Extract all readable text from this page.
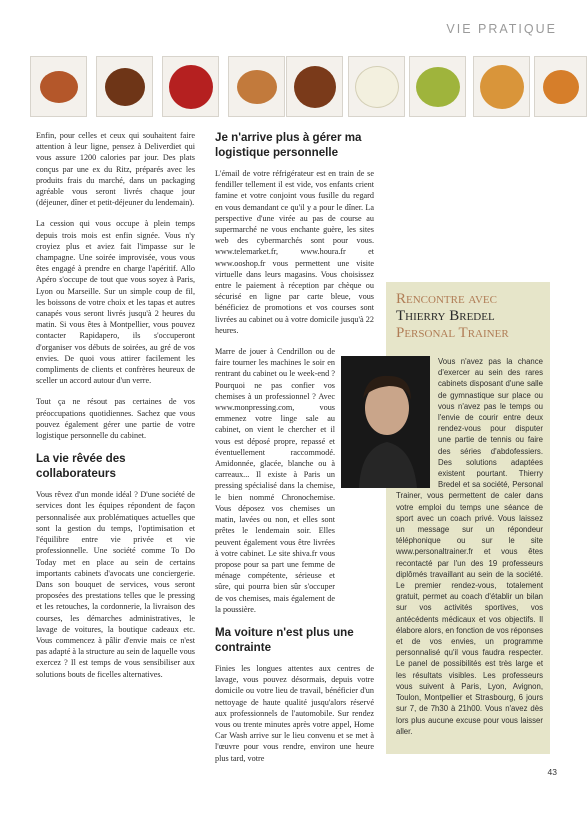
VIE PRATIQUE

Enfin, pour celles et ceux qui souhaitent faire attention à leur ligne, pensez à Deliverdiet qui vous assure 1200 calories par jour. Des plats conçus par une ex du Ritz, préparés avec les produits frais du marché, dans un packaging agréable vous seront livrés chaque jour (déjeuner, dîner et petit-déjeuner du lendemain).

La cession qui vous occupe à plein temps depuis trois mois est enfin signée. Vous n'y croyiez plus et aviez fait l'impasse sur le champagne. Une soirée improvisée, vous vous êtes engagé à prendre en charge l'apéritif. Allo Apéro s'occupe de tout que vous soyez à Paris, Lyon ou Marseille. Sur un simple coup de fil, les boissons de votre choix et les tapas et autres canapés vous seront livrés jusqu'à 2 heures du matin. Si vous êtes à Montpellier, vous pouvez contacter Rapidapero, ils s'occuperont d'organiser vos débuts de soirées, au gré de vos envies. De quoi vous attirer facilement les compliments de clients et confrères heureux de sceller un accord autour d'un verre.

Tout ça ne résout pas certaines de vos préoccupations quotidiennes. Sachez que vous pouvez également gérer une partie de votre logistique personnelle du cabinet.

La vie rêvée des collaborateurs

Vous rêvez d'un monde idéal ? D'une société de services dont les équipes répondent de façon personnalisée aux problématiques actuelles que sont la gestion du temps, l'optimisation et l'équilibre entre vie privée et vie professionnelle. Une société comme To Do Today met en place au sein de certains importants cabinets d'avocats une conciergerie. Dans son bouquet de services, vous seront proposées des prestations telles que le pressing et les retouches, la cordonnerie, la livraison des courses, les démarches administratives, le lavage de voitures, la boutique cadeaux etc. Vous commencez à pâlir d'envie mais ce n'est pas adapté à la structure au sein de laquelle vous exercez ? Il est temps de vous sensibiliser aux solutions bouts de ficelles alternatives.

Je n'arrive plus à gérer ma logistique personnelle

L'émail de votre réfrigérateur est en train de se fendiller tellement il est vide, vos enfants crient famine et votre conjoint vous fusille du regard en vous demandant ce qu'il y a pour le dîner. La perspective d'une virée au pas de course au supermarché ne vous enchante guère, les sites web des cybermarchés sont pour vous. www.telemarket.fr, www.houra.fr et www.ooshop.fr vous permettent une visite virtuelle dans leurs magasins. Vous choisissez entre le paiement à réception par chèque ou sécurisé en ligne par carte bleue, vous bénéficiez de promotions et vos courses sont livrées au cabinet ou à votre domicile jusqu'à 22 heures.

Marre de jouer à Cendrillon ou de faire tourner les machines le soir en rentrant du cabinet ou le week-end ? Pourquoi ne pas confier vos chemises à un professionnel ? Avec www.monpressing.com, vous emmenez votre linge sale au cabinet, on vient le chercher et il vous est déposé propre, repassé et éventuellement raccommodé. Amidonnée, glacée, blanche ou à carreaux... Il existe à Paris un pressing spécialisé dans la chemise, le bien nommé Chronochemise. Vous déposez vos chemises un matin, lavées ou non, et elles sont prêtes le lendemain soir. Elles peuvent également vous être livrées à votre cabinet. Le site shiva.fr vous propose pour sa part une femme de ménage compétente, sérieuse et sûre, qui pourra bien sûr s'occuper de vos chemises, mais également de la poussière.

Ma voiture n'est plus une contrainte

Finies les longues attentes aux centres de lavage, vous pouvez désormais, depuis votre domicile ou votre lieu de travail, bénéficier d'un nettoyage de haute qualité jusqu'alors réservé aux professionnels de l'automobile. Sur rendez vous ou trente minutes après votre appel, Home Car Wash arrive sur le lieu convenu et se met à l'œuvre pour vous rendre, environ une heure plus tard, votre

Rencontre avec
Thierry Bredel
Personal Trainer
Vous n'avez pas la chance d'exercer au sein des rares cabinets disposant d'une salle de gymnastique sur place ou vous n'avez pas le temps ou l'envie de courir entre deux rendez-vous pour disputer une partie de tennis ou faire des séries d'abdofessiers. Des solutions adaptées existent pourtant. Thierry Bredel et sa société, Personal Trainer, vous permettent de caler dans votre emploi du temps une séance de sport avec un coach privé. Vous laissez un message sur un répondeur téléphonique ou sur le site www.personaltrainer.fr et vous êtes recontacté par l'un des 19 professeurs diplômés travaillant au sein de la société. Le premier rendez-vous, totalement gratuit, permet au coach d'établir un bilan sur vos activités sportives, vos antécédents médicaux et vos objectifs. Il élabore alors, en fonction de vos réponses et de vos envies, un programme personnalisé qu'il vous faudra respecter. Le panel de possibilités est très large et les résultats visibles. Les professeurs vous suivent à Paris, Lyon, Avignon, Toulon, Montpellier et Strasbourg, 6 jours sur 7, de 7h30 à 21h00. Vous n'avez dès lors plus aucune excuse pour vous laisser aller.
43
